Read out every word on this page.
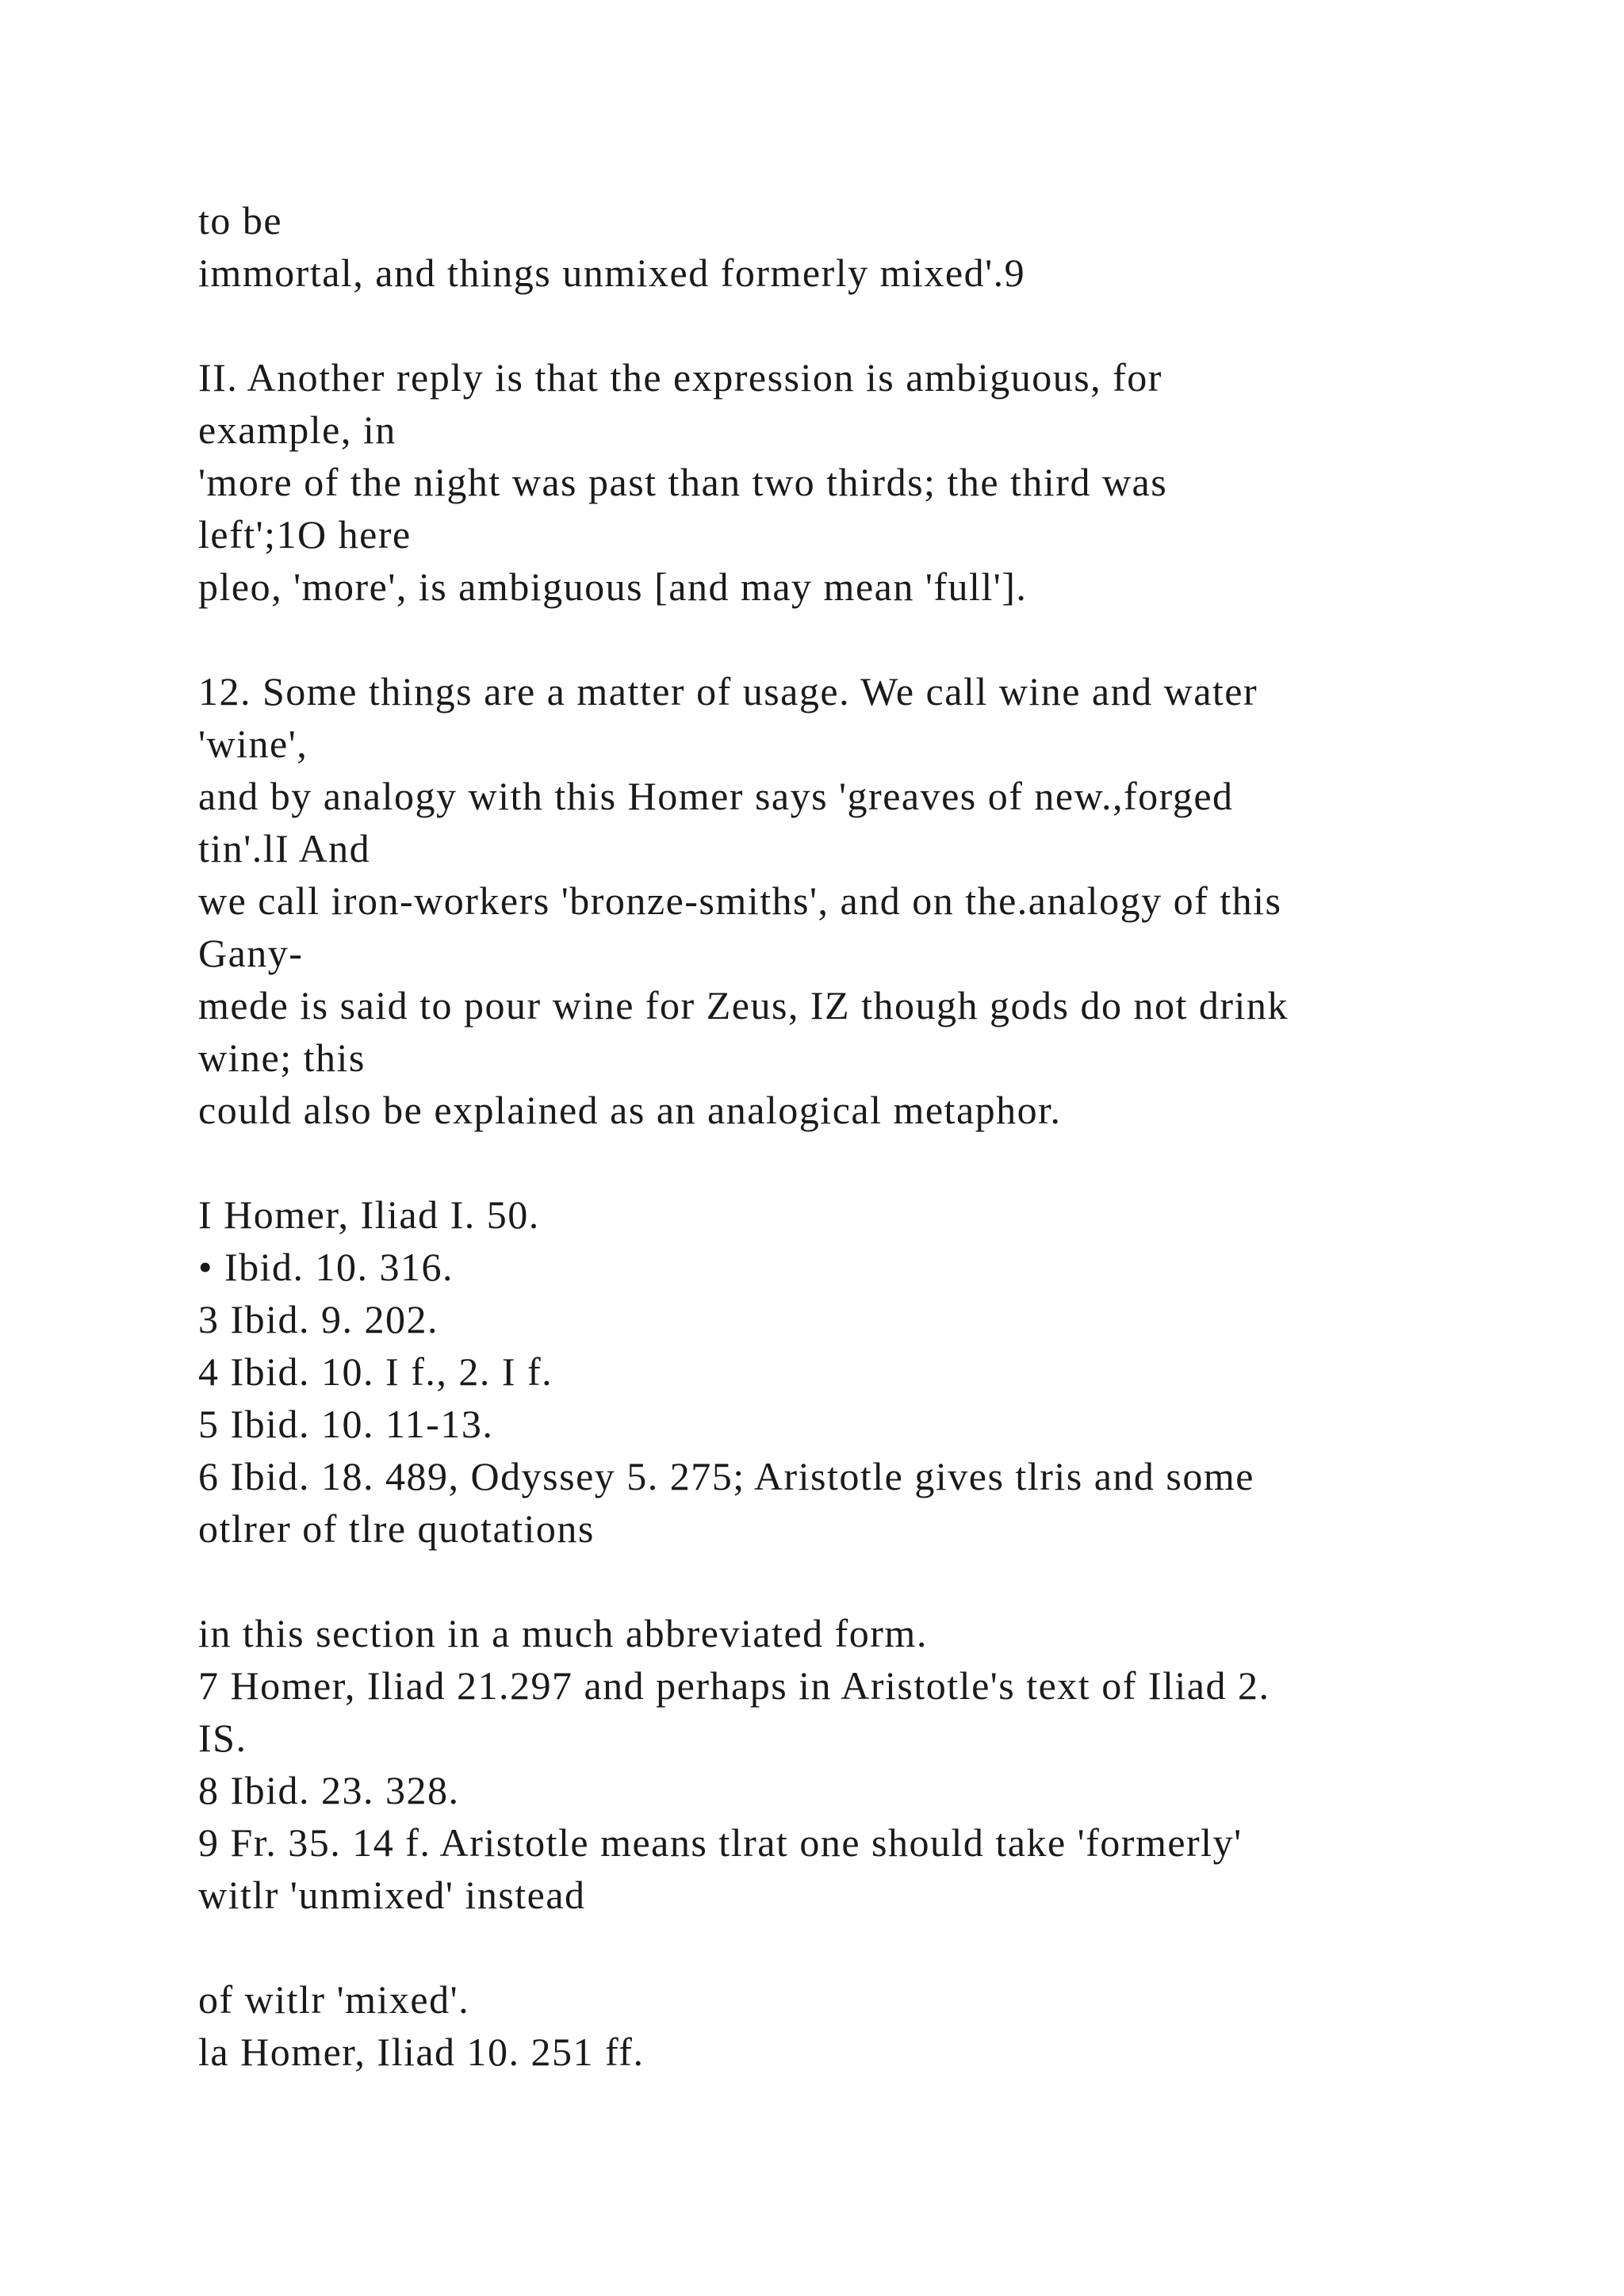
to be
immortal, and things unmixed formerly mixed'.9
II. Another reply is that the expression is ambiguous, for
example, in
'more of the night was past than two thirds; the third was
left';1O here
pleo, 'more', is ambiguous [and may mean 'full'].
12. Some things are a matter of usage. We call wine and water
'wine',
and by analogy with this Homer says 'greaves of new.,forged
tin'.lI And
we call iron-workers 'bronze-smiths', and on the.analogy of this
Gany-
mede is said to pour wine for Zeus, IZ though gods do not drink
wine; this
could also be explained as an analogical metaphor.
I Homer, Iliad I. 50.
• Ibid. 10. 316.
3 Ibid. 9. 202.
4 Ibid. 10. I f., 2. I f.
5 Ibid. 10. 11-13.
6 Ibid. 18. 489, Odyssey 5. 275; Aristotle gives tlris and some
otlrer of tlre quotations
in this section in a much abbreviated form.
7 Homer, Iliad 21.297 and perhaps in Aristotle's text of Iliad 2.
IS.
8 Ibid. 23. 328.
9 Fr. 35. 14 f. Aristotle means tlrat one should take 'formerly'
witlr 'unmixed' instead
of witlr 'mixed'.
la Homer, Iliad 10. 251 ff.
